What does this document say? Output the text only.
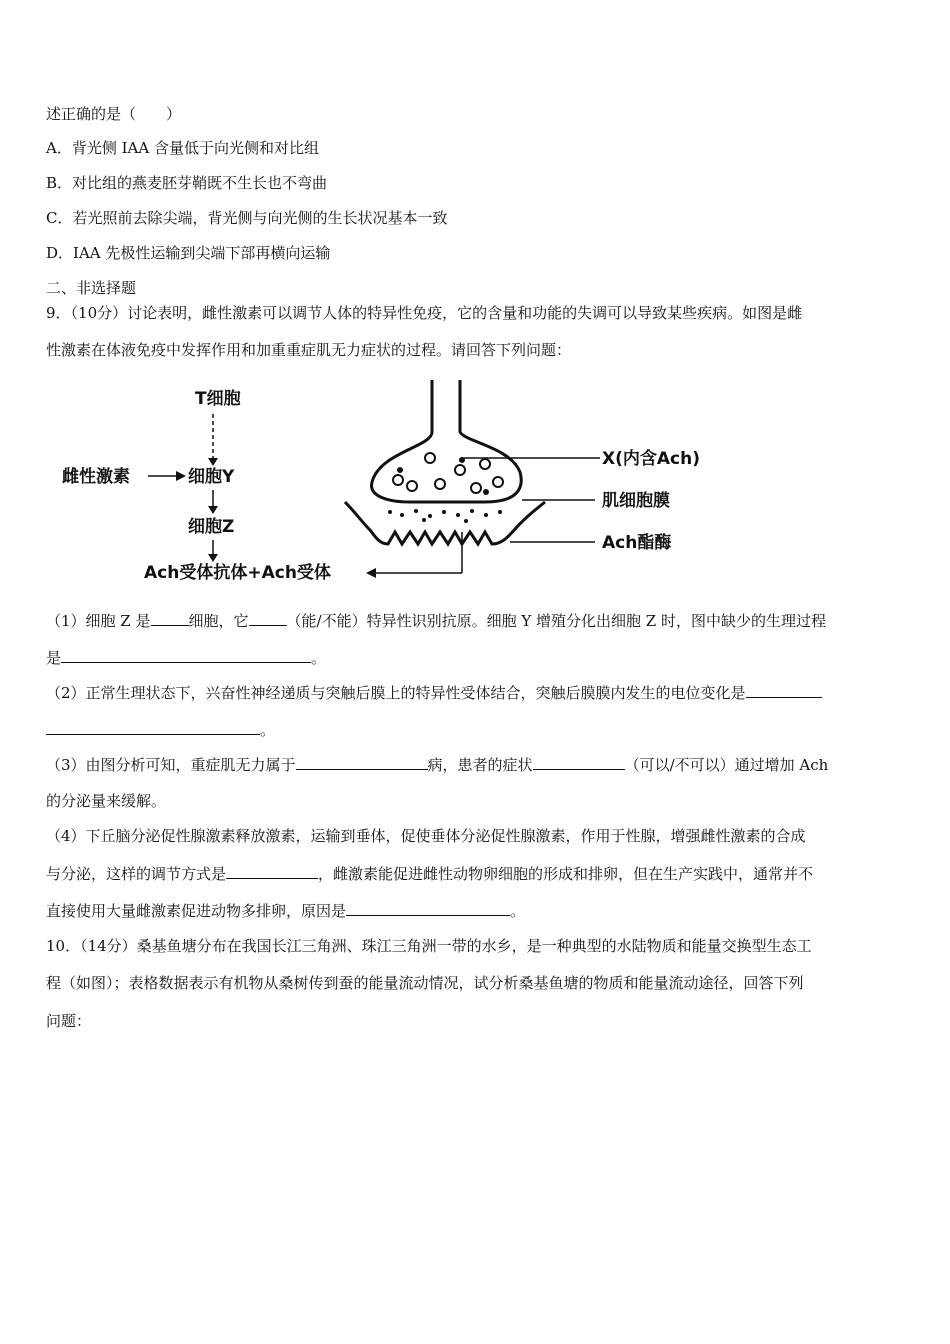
述正确的是（　　）
A．背光侧 IAA 含量低于向光侧和对比组
B．对比组的燕麦胚芽鞘既不生长也不弯曲
C．若光照前去除尖端，背光侧与向光侧的生长状况基本一致
D．IAA 先极性运输到尖端下部再横向运输
二、非选择题
9．（10分）讨论表明，雌性激素可以调节人体的特异性免疫，它的含量和功能的失调可以导致某些疾病。如图是雌
性激素在体液免疫中发挥作用和加重重症肌无力症状的过程。请回答下列问题：
T细胞
雌性激素	细胞Y
细胞Z
Ach受体抗体+Ach受体
X(内含Ach)
肌细胞膜
Ach酯酶
（1）细胞 Z 是	细胞，它	（能/不能）特异性识别抗原。细胞 Y 增殖分化出细胞 Z 时，图中缺少的生理过程
是	。
（2）正常生理状态下，兴奋性神经递质与突触后膜上的特异性受体结合，突触后膜膜内发生的电位变化是
。
（3）由图分析可知，重症肌无力属于	病，患者的症状	（可以/不可以）通过增加 Ach
的分泌量来缓解。
（4）下丘脑分泌促性腺激素释放激素，运输到垂体，促使垂体分泌促性腺激素，作用于性腺，增强雌性激素的合成
与分泌，这样的调节方式是	，雌激素能促进雌性动物卵细胞的形成和排卵，但在生产实践中，通常并不
直接使用大量雌激素促进动物多排卵，原因是	。
10．（14分）桑基鱼塘分布在我国长江三角洲、珠江三角洲一带的水乡，是一种典型的水陆物质和能量交换型生态工
程（如图）；表格数据表示有机物从桑树传到蚕的能量流动情况，试分析桑基鱼塘的物质和能量流动途径，回答下列
问题：
